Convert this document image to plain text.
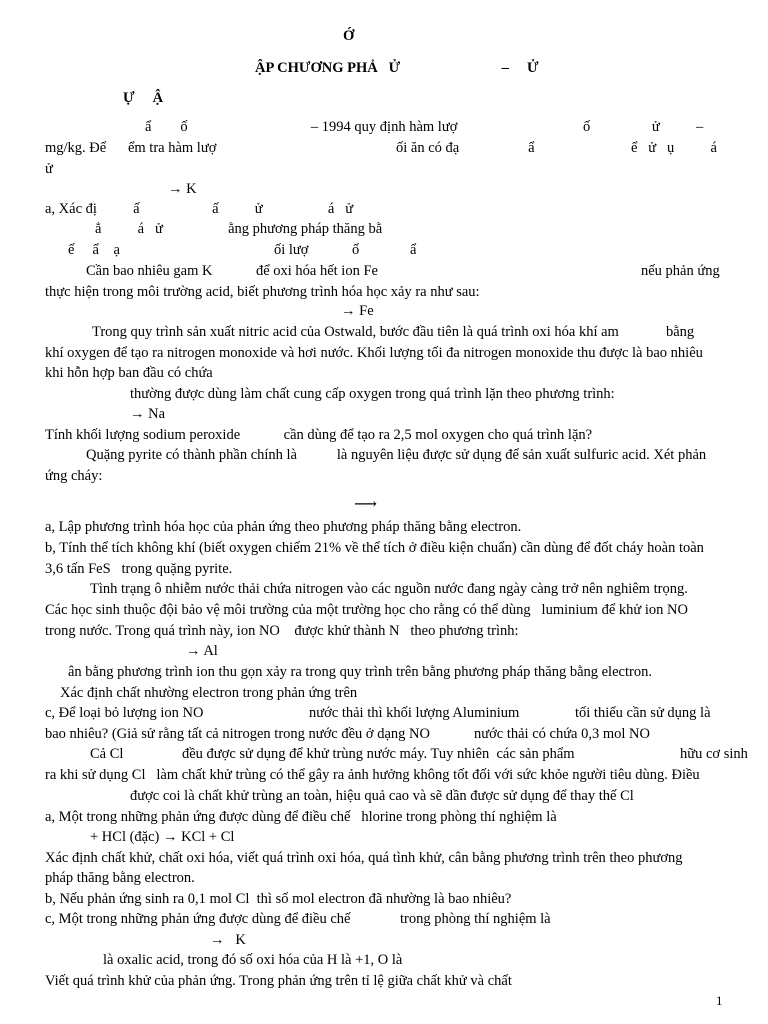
Ớ
ẬP CHƯƠNG PHẢ   Ử                            –     Ử
Ự     Ậ
ẩ        ố                                  – 1994 quy định hàm lượ	ố                 ử          –
mg/kg. Để      ểm tra hàm lượ	ối ăn có đạ                   ẩ	ể   ử   ụ          á
ử
→ K
a, Xác đị          ấ                    ấ          ử                  á   ử
ẳ          á   ử                  ằng phương pháp thăng bằ
ế     ẩ    ạ	ối lượ            ố              ẩ
Cần bao nhiêu gam K            để oxi hóa hết ion Fe	nếu phản ứng
thực hiện trong môi trường acid, biết phương trình hóa học xảy ra như sau:
→ Fe
Trong quy trình sản xuất nitric acid của Ostwald, bước đầu tiên là quá trình oxi hóa khí am             bằng
khí oxygen để tạo ra nitrogen monoxide và hơi nước. Khối lượng tối đa nitrogen monoxide thu được là bao nhiêu
khi hỗn hợp ban đầu có chứa
thường được dùng làm chất cung cấp oxygen trong quá trình lặn theo phương trình:
→ Na
Tính khối lượng sodium peroxide            cần dùng để tạo ra 2,5 mol oxygen cho quá trình lặn?
Quặng pyrite có thành phần chính là           là nguyên liệu được sử dụng để sản xuất sulfuric acid. Xét phản
ứng cháy:
⟶
a, Lập phương trình hóa học của phản ứng theo phương pháp thăng bằng electron.
b, Tính thể tích không khí (biết oxygen chiếm 21% về thể tích ở điều kiện chuẩn) cần dùng để đốt cháy hoàn toàn
3,6 tấn FeS   trong quặng pyrite.
Tình trạng ô nhiễm nước thải chứa nitrogen vào các nguồn nước đang ngày càng trở nên nghiêm trọng.
Các học sinh thuộc đội bảo vệ môi trường của một trường học cho rằng có thể dùng   luminium để khử ion NO
trong nước. Trong quá trình này, ion NO    được khử thành N   theo phương trình:
→ Al
ân bằng phương trình ion thu gọn xảy ra trong quy trình trên bằng phương pháp thăng bằng electron.
Xác định chất nhường electron trong phản ứng trên
c, Để loại bỏ lượng ion NO	nước thải thì khối lượng Aluminium	tối thiểu cần sử dụng là
bao nhiêu? (Giả sử rằng tất cả nitrogen trong nước đều ở dạng NO	nước thải có chứa 0,3 mol NO
Cả Cl	đều được sử dụng để khử trùng nước máy. Tuy nhiên  các sản phẩm	hữu cơ sinh
ra khi sử dụng Cl   làm chất khử trùng có thể gây ra ảnh hưởng không tốt đối với sức khỏe người tiêu dùng. Điều
được coi là chất khử trùng an toàn, hiệu quả cao và sẽ dần được sử dụng để thay thế Cl
a, Một trong những phản ứng được dùng để điều chế   hlorine trong phòng thí nghiệm là
+ HCl (đặc) → KCl + Cl
Xác định chất khử, chất oxi hóa, viết quá trình oxi hóa, quá tình khử, cân bằng phương trình trên theo phương
pháp thăng bằng electron.
b, Nếu phản ứng sinh ra 0,1 mol Cl  thì số mol electron đã nhường là bao nhiêu?
c, Một trong những phản ứng được dùng để điều chế	trong phòng thí nghiệm là
→   K
là oxalic acid, trong đó số oxi hóa của H là +1, O là
Viết quá trình khử của phản ứng. Trong phản ứng trên tỉ lệ giữa chất khử và chất
1
